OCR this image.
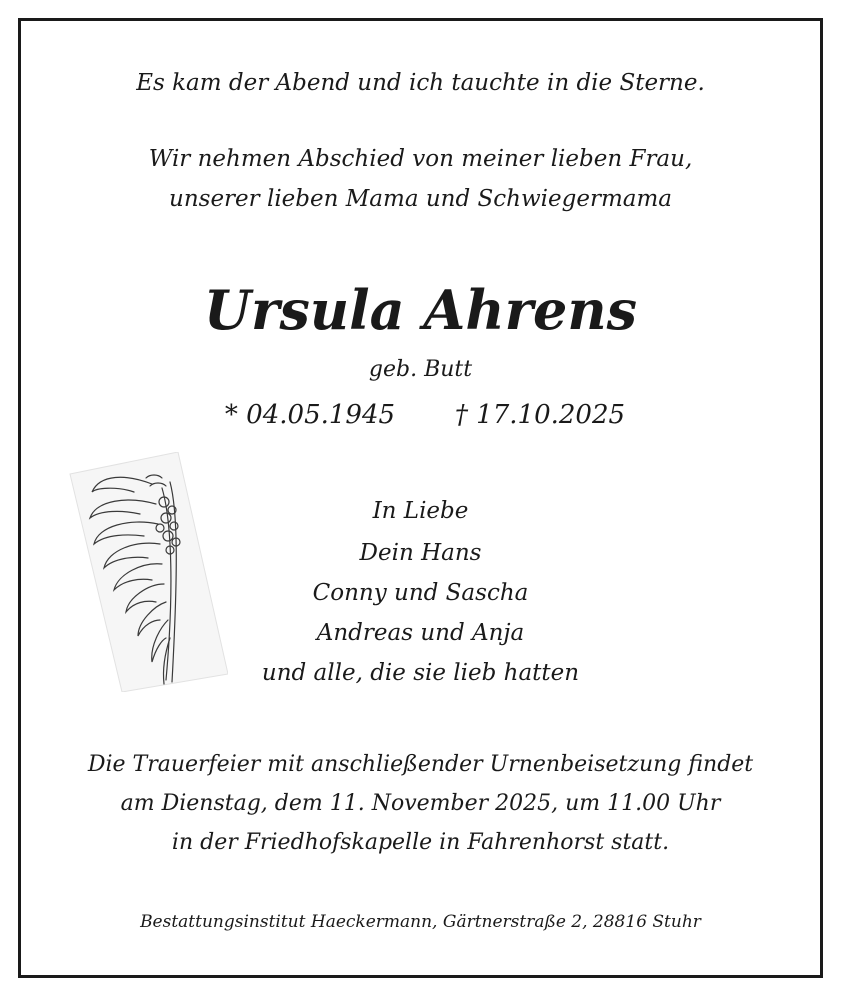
Es kam der Abend und ich tauchte in die Sterne.
Wir nehmen Abschied von meiner lieben Frau,
unserer lieben Mama und Schwiegermama
Ursula Ahrens
geb. Butt
* 04.05.1945	† 17.10.2025
In Liebe
Dein Hans
Conny und Sascha
Andreas und Anja
und alle, die sie lieb hatten
Die Trauerfeier mit anschließender Urnenbeisetzung findet
am Dienstag, dem 11. November 2025, um 11.00 Uhr
in der Friedhofskapelle in Fahrenhorst statt.
Bestattungsinstitut Haeckermann, Gärtnerstraße 2, 28816 Stuhr
